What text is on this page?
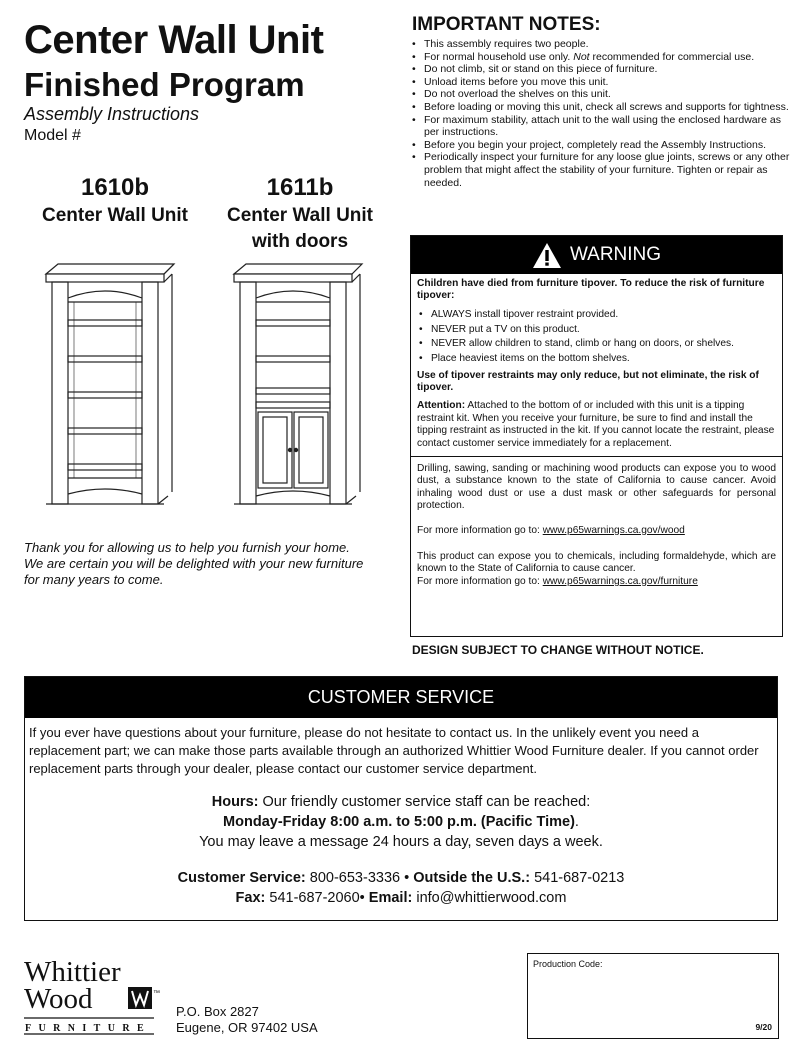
Center Wall Unit
Finished Program
Assembly Instructions
Model #
1610b
Center Wall Unit
1611b
Center Wall Unit
with doors
Thank you for allowing us to help you furnish your home.
We are certain you will be delighted with your new furniture
for many years to come.
IMPORTANT NOTES:
• This assembly requires two people.
• For normal household use only. Not recommended for commercial use.
• Do not climb, sit or stand on this piece of furniture.
• Unload items before you move this unit.
• Do not overload the shelves on this unit.
• Before loading or moving this unit, check all screws and supports for tightness.
• For maximum stability, attach unit to the wall using the enclosed hardware as per instructions.
• Before you begin your project, completely read the Assembly Instructions.
• Periodically inspect your furniture for any loose glue joints, screws or any other problem that might affect the stability of your furniture. Tighten or repair as needed.
WARNING
Children have died from furniture tipover. To reduce the risk of furniture tipover:
• ALWAYS install tipover restraint provided.
• NEVER put a TV on this product.
• NEVER allow children to stand, climb or hang on doors, or shelves.
• Place heaviest items on the bottom shelves.
Use of tipover restraints may only reduce, but not eliminate, the risk of tipover.
Attention: Attached to the bottom of or included with this unit is a tipping restraint kit. When you receive your furniture, be sure to find and install the tipping restraint as instructed in the kit. If you cannot locate the restraint, please contact customer service immediately for a replacement.
Drilling, sawing, sanding or machining wood products can expose you to wood dust, a substance known to the state of California to cause cancer. Avoid inhaling wood dust or use a dust mask or other safeguards for personal protection.
For more information go to: www.p65warnings.ca.gov/wood
This product can expose you to chemicals, including formaldehyde, which are known to the State of California to cause cancer.
For more information go to: www.p65warnings.ca.gov/furniture
DESIGN SUBJECT TO CHANGE WITHOUT NOTICE.
CUSTOMER SERVICE
If you ever have questions about your furniture, please do not hesitate to contact us. In the unlikely event you need a replacement part; we can make those parts available through an authorized Whittier Wood Furniture dealer. If you cannot order replacement parts through your dealer, please contact our customer service department.
Hours: Our friendly customer service staff can be reached:
Monday-Friday 8:00 a.m. to 5:00 p.m. (Pacific Time).
You may leave a message 24 hours a day, seven days a week.
Customer Service: 800-653-3336 • Outside the U.S.: 541-687-0213
Fax: 541-687-2060• Email: info@whittierwood.com
Whittier
Wood	™
FURNITURE
P.O. Box 2827
Eugene, OR 97402 USA
Production Code:
9/20
